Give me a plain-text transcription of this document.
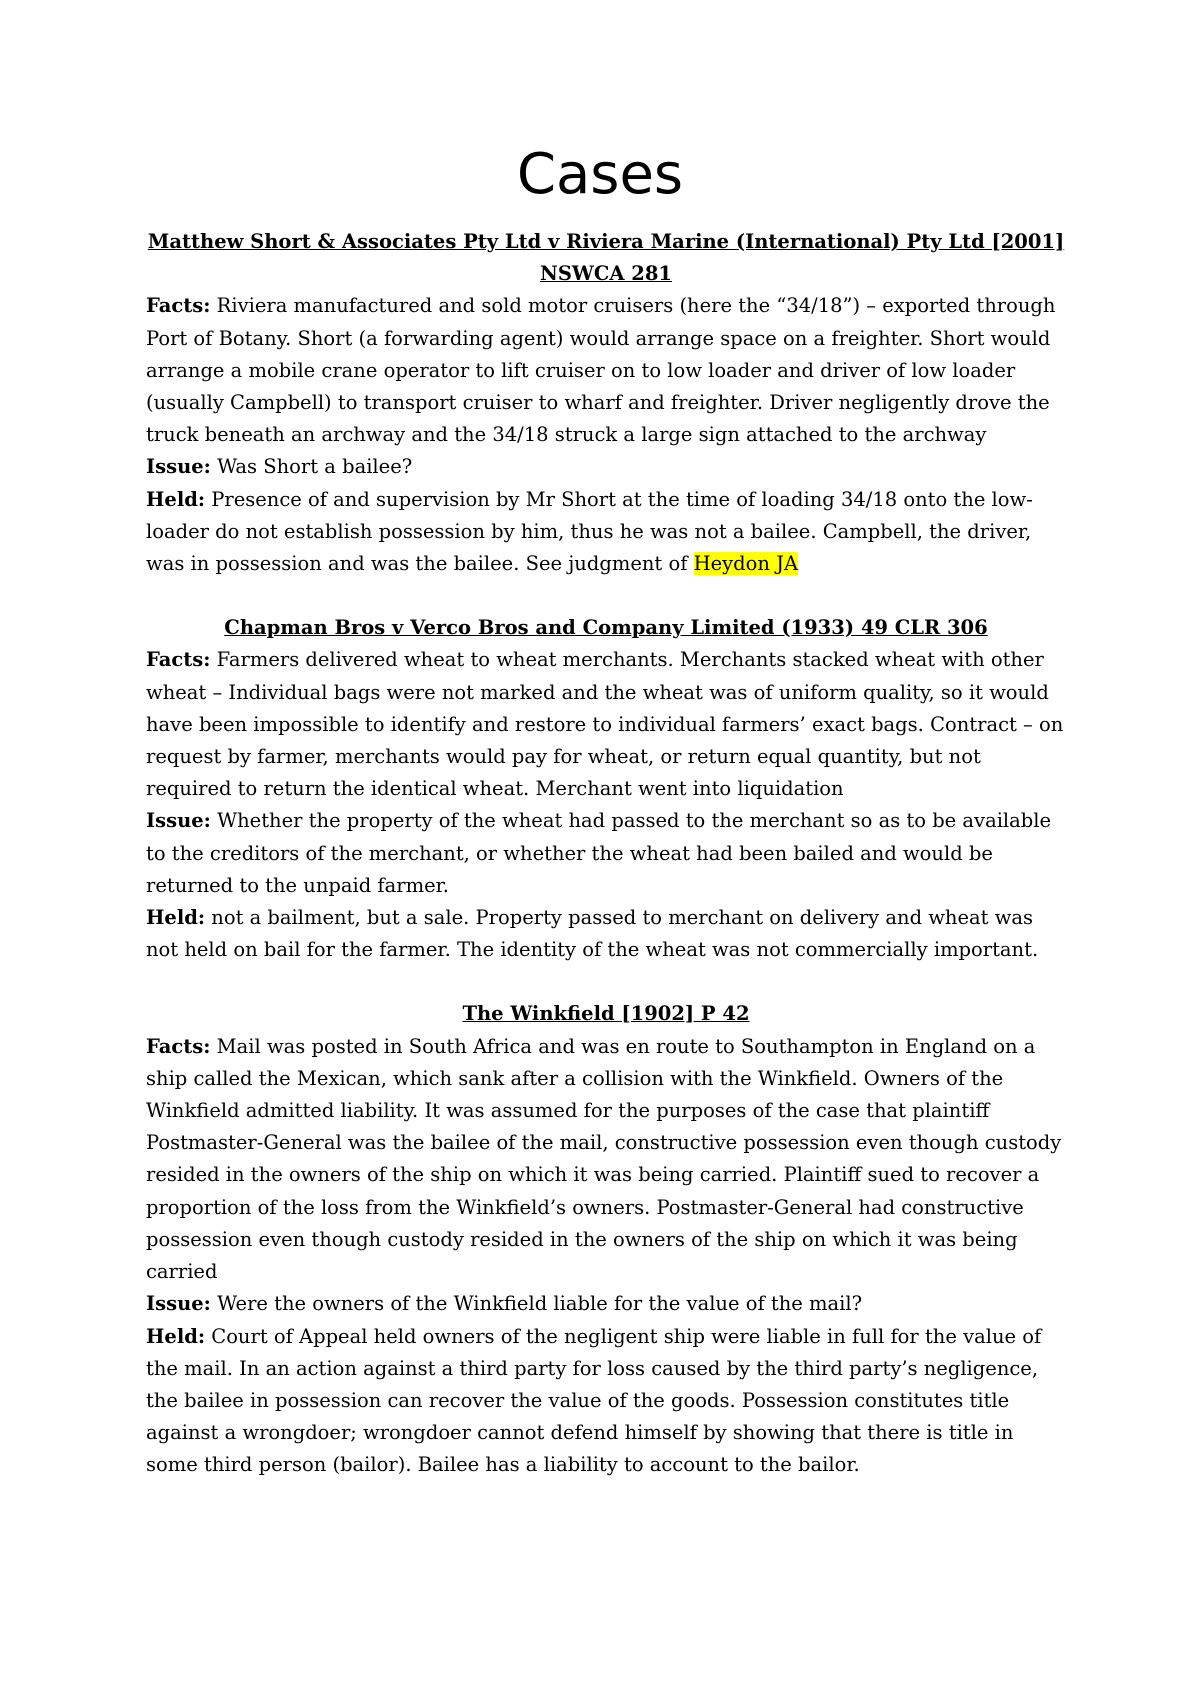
Cases

Matthew Short & Associates Pty Ltd v Riviera Marine (International) Pty Ltd [2001] NSWCA 281

Facts: Riviera manufactured and sold motor cruisers (here the “34/18”) – exported through Port of Botany. Short (a forwarding agent) would arrange space on a freighter. Short would arrange a mobile crane operator to lift cruiser on to low loader and driver of low loader (usually Campbell) to transport cruiser to wharf and freighter. Driver negligently drove the truck beneath an archway and the 34/18 struck a large sign attached to the archway

Issue: Was Short a bailee?

Held: Presence of and supervision by Mr Short at the time of loading 34/18 onto the low-loader do not establish possession by him, thus he was not a bailee. Campbell, the driver, was in possession and was the bailee. See judgment of Heydon JA

Chapman Bros v Verco Bros and Company Limited (1933) 49 CLR 306

Facts: Farmers delivered wheat to wheat merchants. Merchants stacked wheat with other wheat – Individual bags were not marked and the wheat was of uniform quality, so it would have been impossible to identify and restore to individual farmers’ exact bags. Contract – on request by farmer, merchants would pay for wheat, or return equal quantity, but not required to return the identical wheat. Merchant went into liquidation

Issue: Whether the property of the wheat had passed to the merchant so as to be available to the creditors of the merchant, or whether the wheat had been bailed and would be returned to the unpaid farmer.

Held: not a bailment, but a sale. Property passed to merchant on delivery and wheat was not held on bail for the farmer. The identity of the wheat was not commercially important.

The Winkfield [1902] P 42

Facts: Mail was posted in South Africa and was en route to Southampton in England on a ship called the Mexican, which sank after a collision with the Winkfield. Owners of the Winkfield admitted liability. It was assumed for the purposes of the case that plaintiff Postmaster-General was the bailee of the mail, constructive possession even though custody resided in the owners of the ship on which it was being carried. Plaintiff sued to recover a proportion of the loss from the Winkfield’s owners. Postmaster-General had constructive possession even though custody resided in the owners of the ship on which it was being carried

Issue: Were the owners of the Winkfield liable for the value of the mail?

Held: Court of Appeal held owners of the negligent ship were liable in full for the value of the mail. In an action against a third party for loss caused by the third party’s negligence, the bailee in possession can recover the value of the goods. Possession constitutes title against a wrongdoer; wrongdoer cannot defend himself by showing that there is title in some third person (bailor). Bailee has a liability to account to the bailor.
